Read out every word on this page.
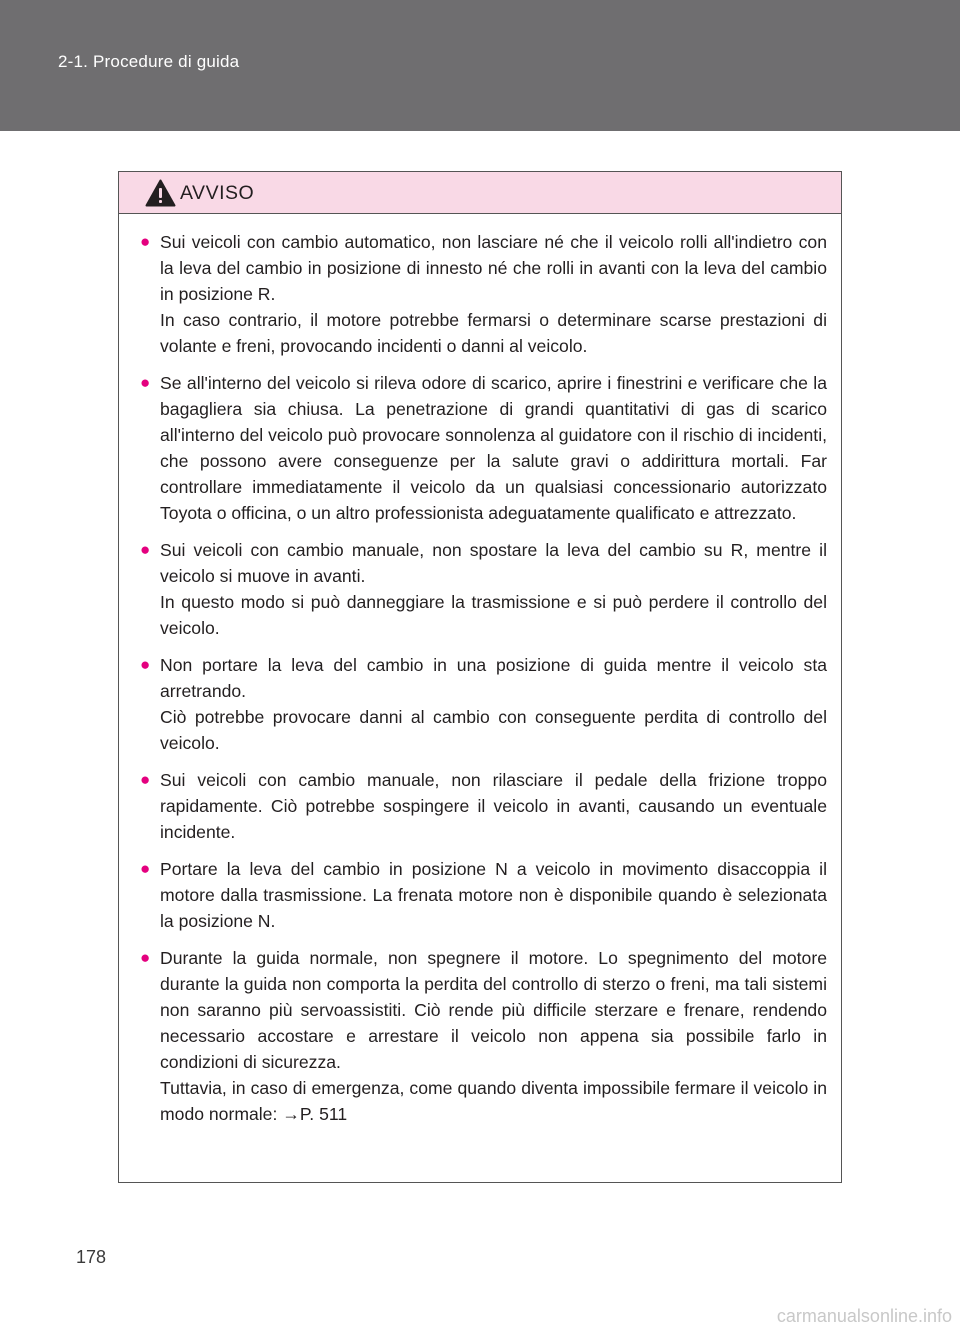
2-1. Procedure di guida
AVVISO
● Sui veicoli con cambio automatico, non lasciare né che il veicolo rolli all'indietro con la leva del cambio in posizione di innesto né che rolli in avanti con la leva del cambio in posizione R.

In caso contrario, il motore potrebbe fermarsi o determinare scarse prestazioni di volante e freni, provocando incidenti o danni al veicolo.

● Se all'interno del veicolo si rileva odore di scarico, aprire i finestrini e verificare che la bagagliera sia chiusa. La penetrazione di grandi quantitativi di gas di scarico all'interno del veicolo può provocare sonnolenza al guidatore con il rischio di incidenti, che possono avere conseguenze per la salute gravi o addirittura mortali. Far controllare immediatamente il veicolo da un qualsiasi concessionario autorizzato Toyota o officina, o un altro professionista adeguatamente qualificato e attrezzato.

● Sui veicoli con cambio manuale, non spostare la leva del cambio su R, mentre il veicolo si muove in avanti.

In questo modo si può danneggiare la trasmissione e si può perdere il controllo del veicolo.

● Non portare la leva del cambio in una posizione di guida mentre il veicolo sta arretrando.

Ciò potrebbe provocare danni al cambio con conseguente perdita di controllo del veicolo.

● Sui veicoli con cambio manuale, non rilasciare il pedale della frizione troppo rapidamente. Ciò potrebbe sospingere il veicolo in avanti, causando un eventuale incidente.

● Portare la leva del cambio in posizione N a veicolo in movimento disaccoppia il motore dalla trasmissione. La frenata motore non è disponibile quando è selezionata la posizione N.

● Durante la guida normale, non spegnere il motore. Lo spegnimento del motore durante la guida non comporta la perdita del controllo di sterzo o freni, ma tali sistemi non saranno più servoassistiti. Ciò rende più difficile sterzare e frenare, rendendo necessario accostare e arrestare il veicolo non appena sia possibile farlo in condizioni di sicurezza.

Tuttavia, in caso di emergenza, come quando diventa impossibile fermare il veicolo in modo normale: →P. 511

178
carmanualsonline.info
